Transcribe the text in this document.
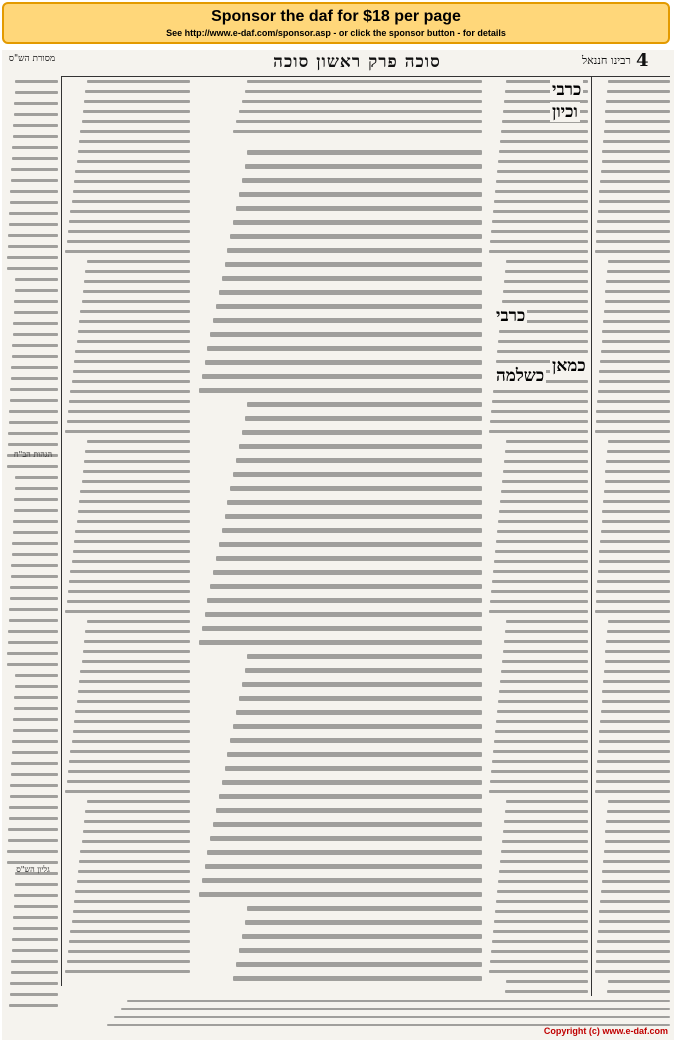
Sponsor the daf for $18 per page
See http://www.e-daf.com/sponsor.asp - or click the sponsor button - for details
4
רבינו חננאל
סוכה פרק ראשון סוכה
מסורת הש"ס
כרבי
וכיון
כמאן
כרבי
כשלמה
הגהות הב"ח
גליון הש"ס
Copyright (c) www.e-daf.com
